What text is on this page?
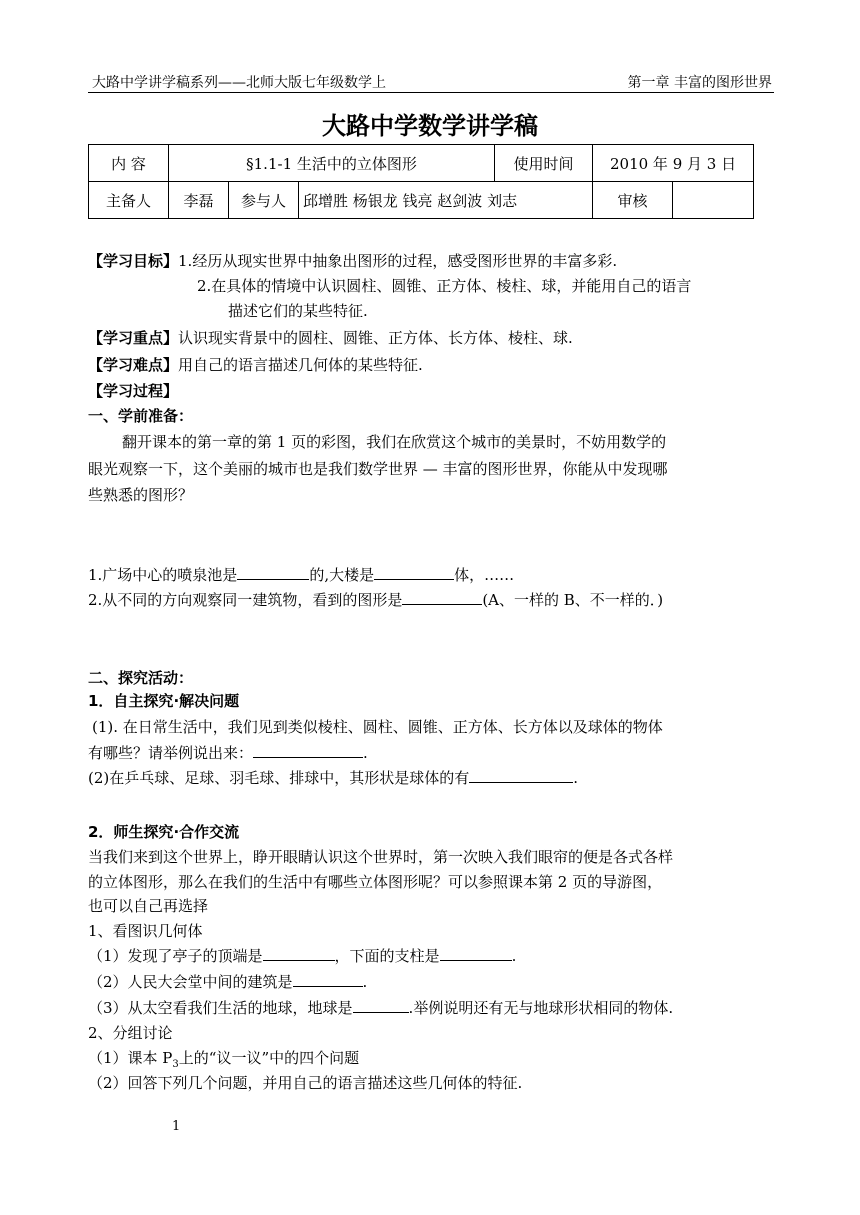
大路中学讲学稿系列——北师大版七年级数学上	第一章 丰富的图形世界
大路中学数学讲学稿
内 容	§1.1-1 生活中的立体图形			使用时间	2010 年 9 月 3 日	
主备人	李磊	参与人	邱增胜 杨银龙 钱亮 赵剑波 刘志		审核	
【学习目标】1.经历从现实世界中抽象出图形的过程，感受图形世界的丰富多彩.
2.在具体的情境中认识圆柱、圆锥、正方体、棱柱、球，并能用自己的语言
描述它们的某些特征.
【学习重点】认识现实背景中的圆柱、圆锥、正方体、长方体、棱柱、球.
【学习难点】用自己的语言描述几何体的某些特征.
【学习过程】
一、学前准备：
翻开课本的第一章的第 1 页的彩图，我们在欣赏这个城市的美景时，不妨用数学的
眼光观察一下，这个美丽的城市也是我们数学世界 — 丰富的图形世界，你能从中发现哪
些熟悉的图形？
1.广场中心的喷泉池是	的,大楼是	体，……
2.从不同的方向观察同一建筑物，看到的图形是	(A、一样的 B、不一样的．)
二、探究活动：
1．自主探究·解决问题
(1). 在日常生活中，我们见到类似棱柱、圆柱、圆锥、正方体、长方体以及球体的物体
有哪些？请举例说出来：	.
(2)在乒乓球、足球、羽毛球、排球中，其形状是球体的有	.
2．师生探究·合作交流
当我们来到这个世界上，睁开眼睛认识这个世界时，第一次映入我们眼帘的便是各式各样
的立体图形，那么在我们的生活中有哪些立体图形呢？可以参照课本第 2 页的导游图，
也可以自己再选择
1、看图识几何体
（1）发现了亭子的顶端是	，下面的支柱是	.
（2）人民大会堂中间的建筑是	.
（3）从太空看我们生活的地球，地球是	.举例说明还有无与地球形状相同的物体.
2、分组讨论
（1）课本 $P_3$上的“议一议”中的四个问题
（2）回答下列几个问题，并用自己的语言描述这些几何体的特征.
1
